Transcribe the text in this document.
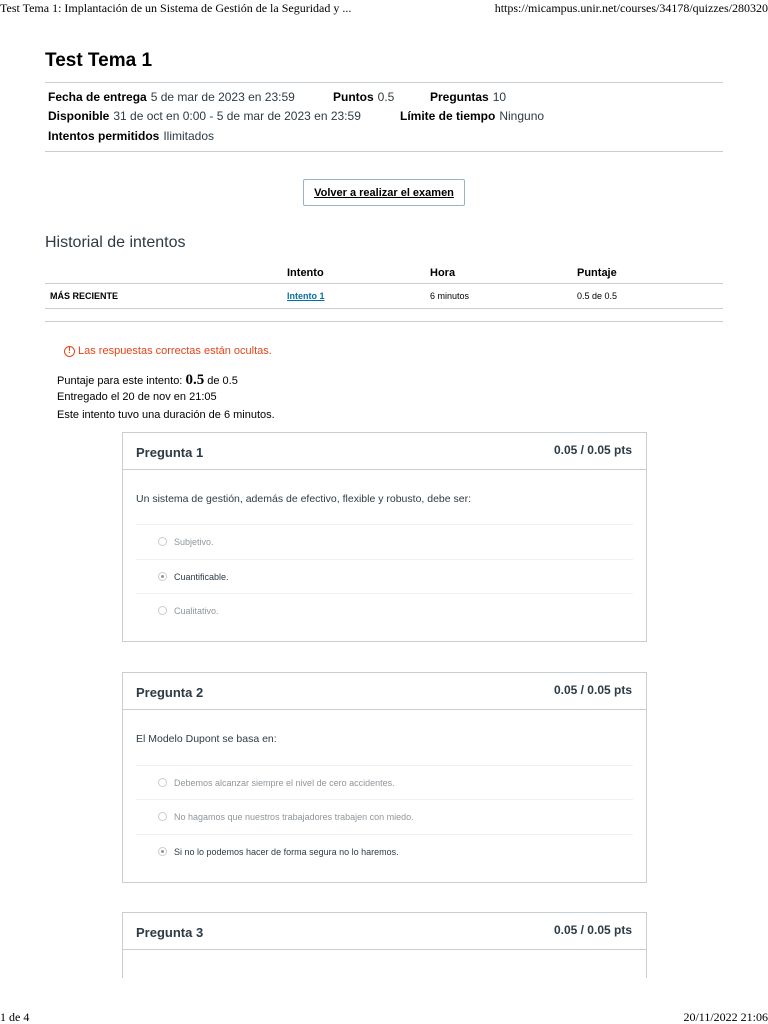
Test Tema 1: Implantación de un Sistema de Gestión de la Seguridad y ...	https://micampus.unir.net/courses/34178/quizzes/280320
Test Tema 1
Fecha de entrega 5 de mar de 2023 en 23:59	Puntos 0.5	Preguntas 10
Disponible 31 de oct en 0:00 - 5 de mar de 2023 en 23:59	Límite de tiempo Ninguno
Intentos permitidos Ilimitados
Volver a realizar el examen
Historial de intentos
Intento	Hora	Puntaje
MÁS RECIENTE	Intento 1	6 minutos	0.5 de 0.5
! Las respuestas correctas están ocultas.
Puntaje para este intento: 0.5 de 0.5
Entregado el 20 de nov en 21:05
Este intento tuvo una duración de 6 minutos.
Pregunta 1	0.05 / 0.05 pts
Un sistema de gestión, además de efectivo, flexible y robusto, debe ser:
Subjetivo.
Cuantificable.
Cualitativo.
Pregunta 2	0.05 / 0.05 pts
El Modelo Dupont se basa en:
Debemos alcanzar siempre el nivel de cero accidentes.
No hagamos que nuestros trabajadores trabajen con miedo.
Si no lo podemos hacer de forma segura no lo haremos.
Pregunta 3	0.05 / 0.05 pts
1 de 4	20/11/2022 21:06
